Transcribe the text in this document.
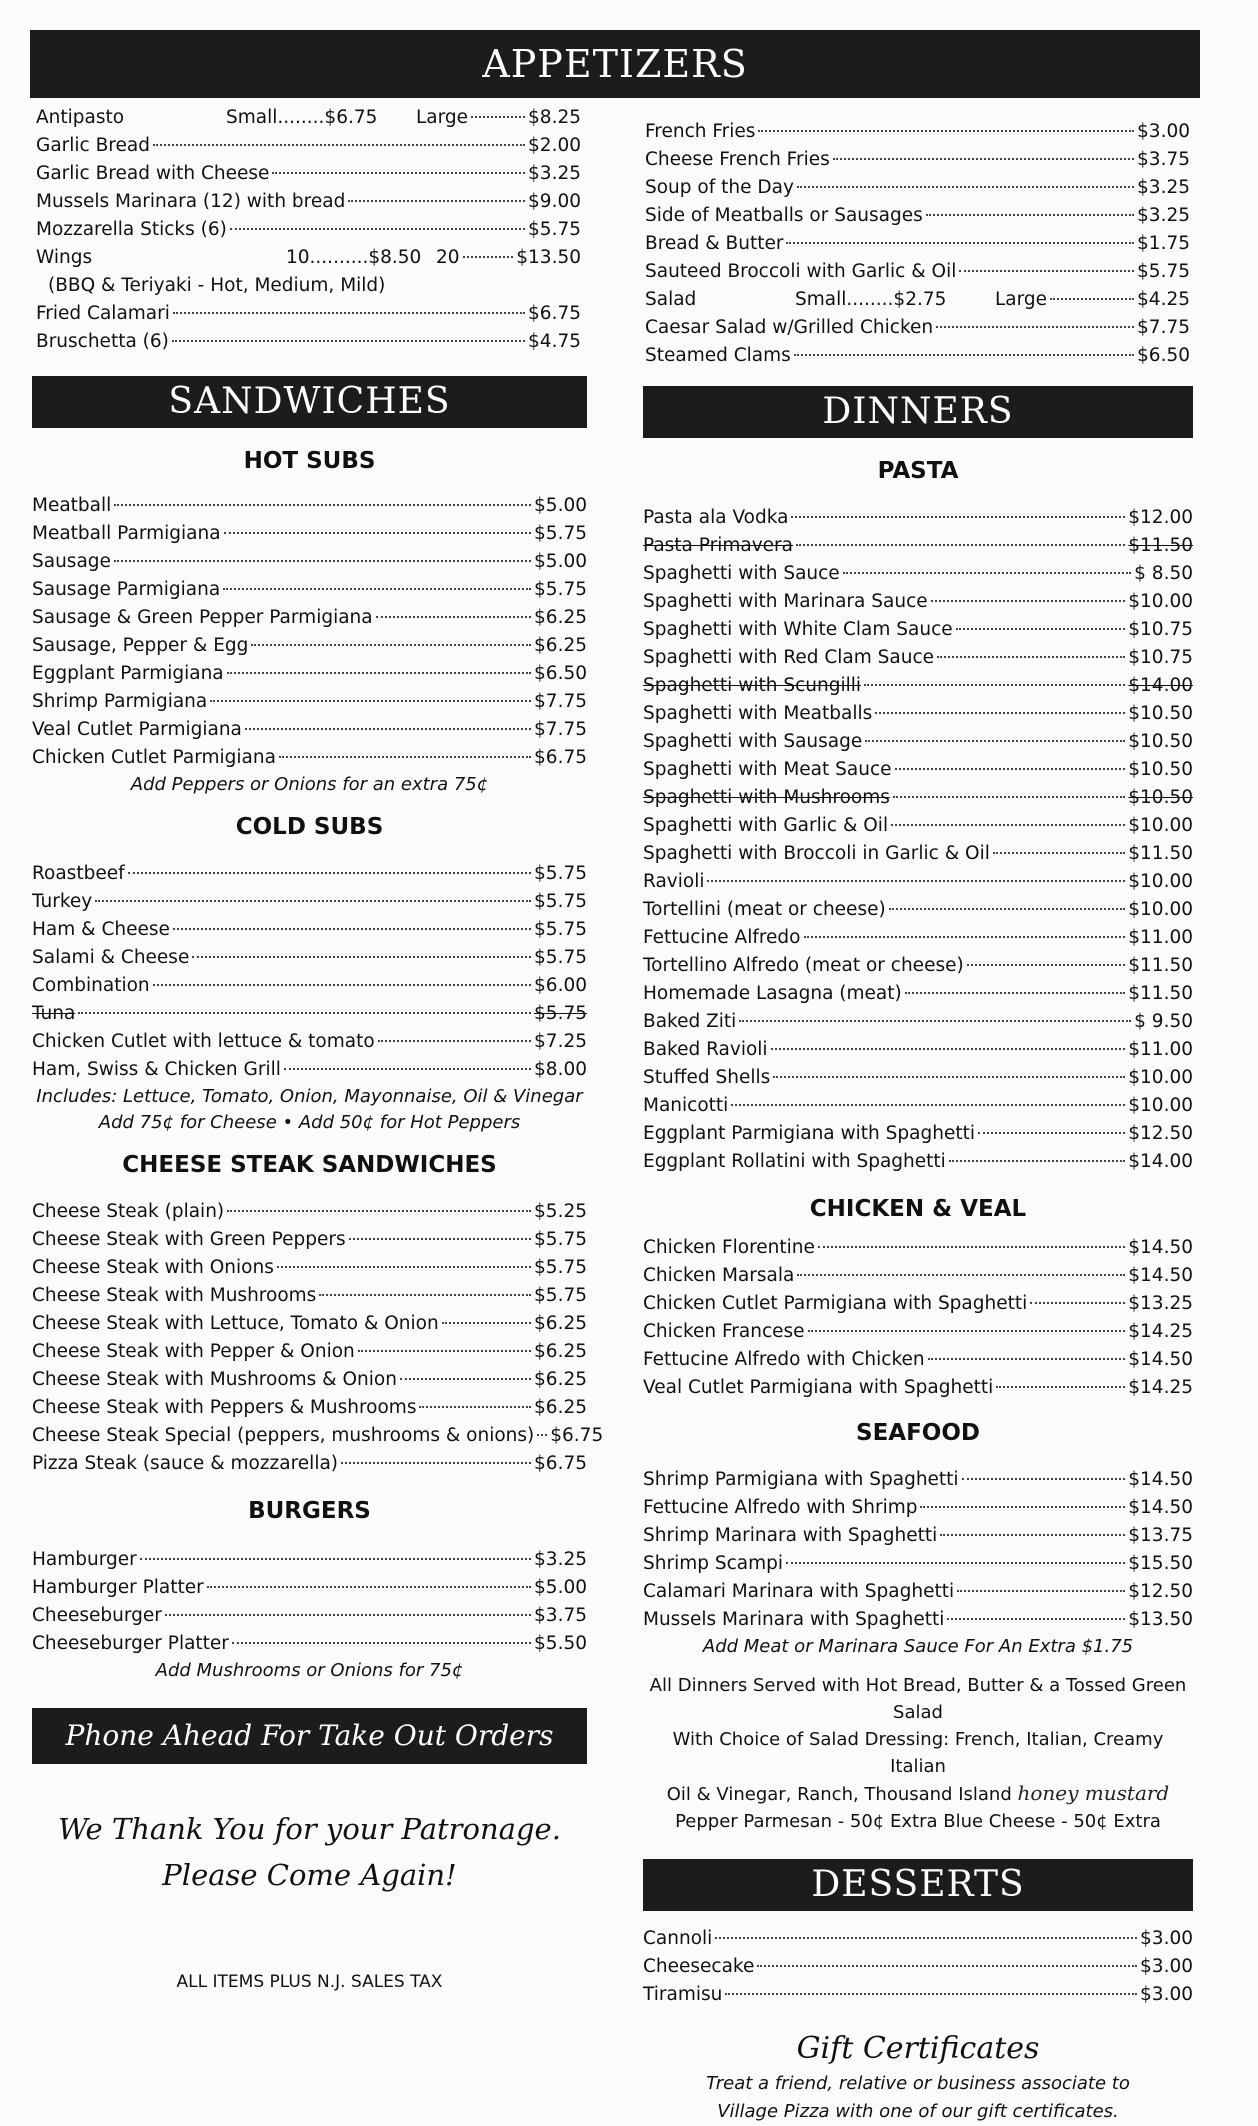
APPETIZERS
Antipasto	Small........$6.75	Large	$8.25
Garlic Bread	$2.00
Garlic Bread with Cheese	$3.25
Mussels Marinara (12) with bread	$9.00
Mozzarella Sticks (6)	$5.75
Wings	10..........$8.50 20	$13.50
(BBQ & Teriyaki - Hot, Medium, Mild)
Fried Calamari	$6.75
Bruschetta (6)	$4.75
French Fries	$3.00
Cheese French Fries	$3.75
Soup of the Day	$3.25
Side of Meatballs or Sausages	$3.25
Bread & Butter	$1.75
Sauteed Broccoli with Garlic & Oil	$5.75
Salad	Small........$2.75	Large	$4.25
Caesar Salad w/Grilled Chicken	$7.75
Steamed Clams	$6.50
SANDWICHES
HOT SUBS
Meatball	$5.00
Meatball Parmigiana	$5.75
Sausage	$5.00
Sausage Parmigiana	$5.75
Sausage & Green Pepper Parmigiana	$6.25
Sausage, Pepper & Egg	$6.25
Eggplant Parmigiana	$6.50
Shrimp Parmigiana	$7.75
Veal Cutlet Parmigiana	$7.75
Chicken Cutlet Parmigiana	$6.75
Add Peppers or Onions for an extra 75¢
COLD SUBS
Roastbeef	$5.75
Turkey	$5.75
Ham & Cheese	$5.75
Salami & Cheese	$5.75
Combination	$6.00
Tuna	$5.75
Chicken Cutlet with lettuce & tomato	$7.25
Ham, Swiss & Chicken Grill	$8.00
Includes: Lettuce, Tomato, Onion, Mayonnaise, Oil & Vinegar
Add 75¢ for Cheese • Add 50¢ for Hot Peppers
CHEESE STEAK SANDWICHES
Cheese Steak (plain)	$5.25
Cheese Steak with Green Peppers	$5.75
Cheese Steak with Onions	$5.75
Cheese Steak with Mushrooms	$5.75
Cheese Steak with Lettuce, Tomato & Onion	$6.25
Cheese Steak with Pepper & Onion	$6.25
Cheese Steak with Mushrooms & Onion	$6.25
Cheese Steak with Peppers & Mushrooms	$6.25
Cheese Steak Special (peppers, mushrooms & onions) $6.75
Pizza Steak (sauce & mozzarella)	$6.75
BURGERS
Hamburger	$3.25
Hamburger Platter	$5.00
Cheeseburger	$3.75
Cheeseburger Platter	$5.50
Add Mushrooms or Onions for 75¢
Phone Ahead For Take Out Orders
We Thank You for your Patronage.
Please Come Again!
ALL ITEMS PLUS N.J. SALES TAX
DINNERS
PASTA
Pasta ala Vodka	$12.00
Pasta Primavera	$11.50
Spaghetti with Sauce	$ 8.50
Spaghetti with Marinara Sauce	$10.00
Spaghetti with White Clam Sauce	$10.75
Spaghetti with Red Clam Sauce	$10.75
Spaghetti with Scungilli	$14.00
Spaghetti with Meatballs	$10.50
Spaghetti with Sausage	$10.50
Spaghetti with Meat Sauce	$10.50
Spaghetti with Mushrooms	$10.50
Spaghetti with Garlic & Oil	$10.00
Spaghetti with Broccoli in Garlic & Oil	$11.50
Ravioli	$10.00
Tortellini (meat or cheese)	$10.00
Fettucine Alfredo	$11.00
Tortellino Alfredo (meat or cheese)	$11.50
Homemade Lasagna (meat)	$11.50
Baked Ziti	$ 9.50
Baked Ravioli	$11.00
Stuffed Shells	$10.00
Manicotti	$10.00
Eggplant Parmigiana with Spaghetti	$12.50
Eggplant Rollatini with Spaghetti	$14.00
CHICKEN & VEAL
Chicken Florentine	$14.50
Chicken Marsala	$14.50
Chicken Cutlet Parmigiana with Spaghetti	$13.25
Chicken Francese	$14.25
Fettucine Alfredo with Chicken	$14.50
Veal Cutlet Parmigiana with Spaghetti	$14.25
SEAFOOD
Shrimp Parmigiana with Spaghetti	$14.50
Fettucine Alfredo with Shrimp	$14.50
Shrimp Marinara with Spaghetti	$13.75
Shrimp Scampi	$15.50
Calamari Marinara with Spaghetti	$12.50
Mussels Marinara with Spaghetti	$13.50
Add Meat or Marinara Sauce For An Extra $1.75
All Dinners Served with Hot Bread, Butter & a Tossed Green Salad
With Choice of Salad Dressing: French, Italian, Creamy Italian
Oil & Vinegar, Ranch, Thousand Island honey mustard
Pepper Parmesan - 50¢ Extra Blue Cheese - 50¢ Extra
DESSERTS
Cannoli	$3.00
Cheesecake	$3.00
Tiramisu	$3.00
Gift Certificates
Treat a friend, relative or business associate to
Village Pizza with one of our gift certificates.
